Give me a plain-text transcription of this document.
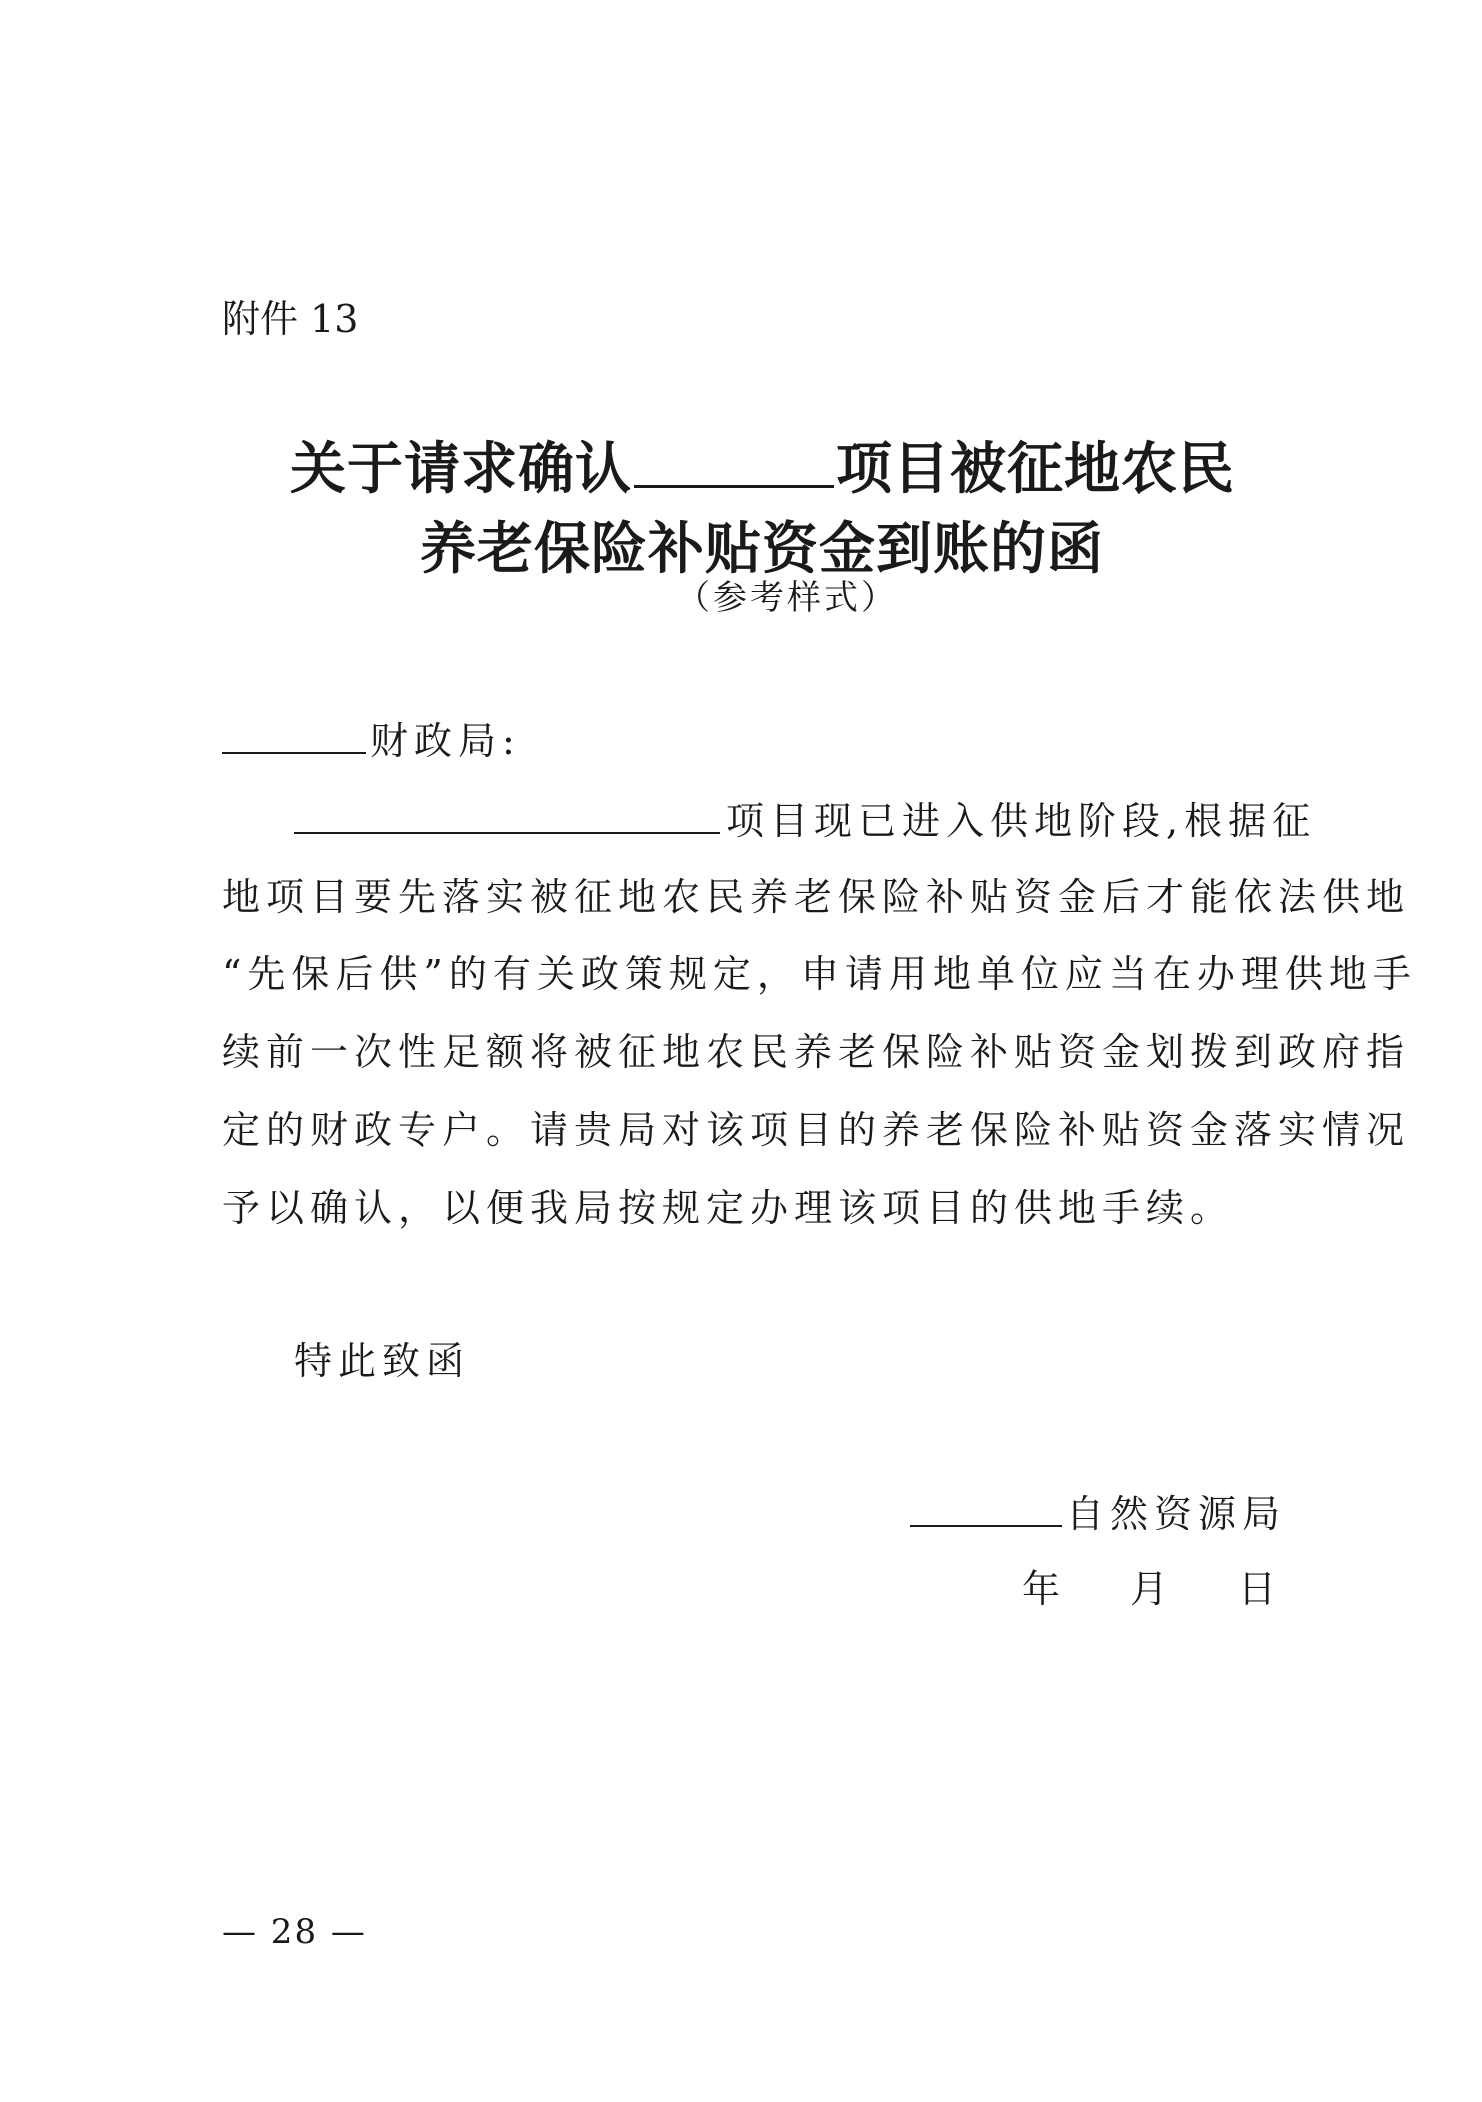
附件 13
关于请求确认	项目被征地农民
养老保险补贴资金到账的函
（参考样式）
财政局:
项目现已进入供地阶段,根据征
地项目要先落实被征地农民养老保险补贴资金后才能依法供地
“先保后供”的有关政策规定，申请用地单位应当在办理供地手
续前一次性足额将被征地农民养老保险补贴资金划拨到政府指
定的财政专户。请贵局对该项目的养老保险补贴资金落实情况
予以确认，以便我局按规定办理该项目的供地手续。
特此致函
自然资源局
年 月 日
— 28 —
